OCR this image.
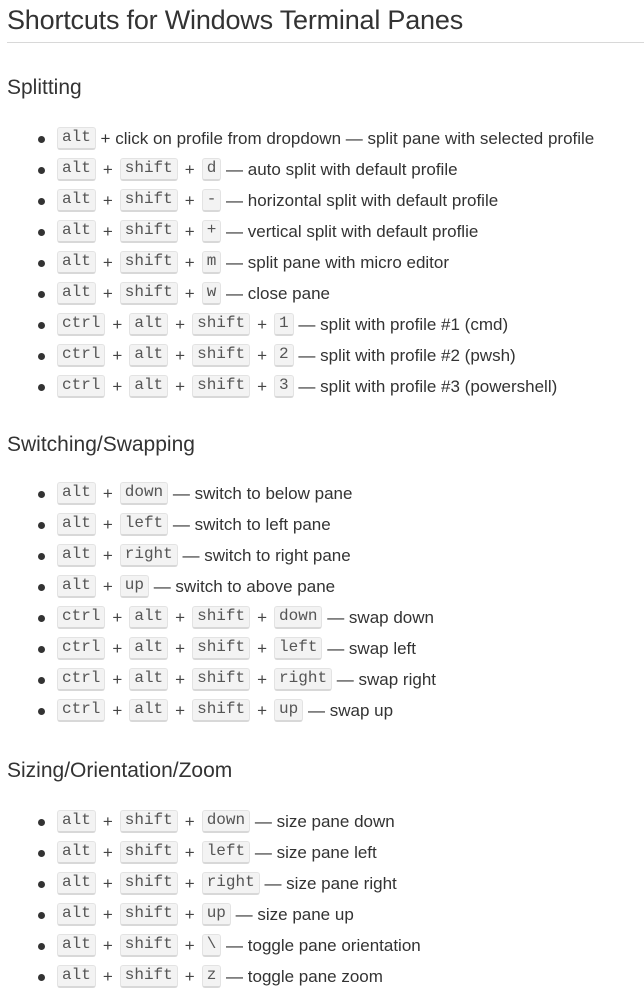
Shortcuts for Windows Terminal Panes
Splitting
alt + click on profile from dropdown — split pane with selected profile
alt + shift + d — auto split with default profile
alt + shift + - — horizontal split with default profile
alt + shift + + — vertical split with default proflie
alt + shift + m — split pane with micro editor
alt + shift + w — close pane
ctrl + alt + shift + 1 — split with profile #1 (cmd)
ctrl + alt + shift + 2 — split with profile #2 (pwsh)
ctrl + alt + shift + 3 — split with profile #3 (powershell)
Switching/Swapping
alt + down — switch to below pane
alt + left — switch to left pane
alt + right — switch to right pane
alt + up — switch to above pane
ctrl + alt + shift + down — swap down
ctrl + alt + shift + left — swap left
ctrl + alt + shift + right — swap right
ctrl + alt + shift + up — swap up
Sizing/Orientation/Zoom
alt + shift + down — size pane down
alt + shift + left — size pane left
alt + shift + right — size pane right
alt + shift + up — size pane up
alt + shift + \ — toggle pane orientation
alt + shift + z — toggle pane zoom
